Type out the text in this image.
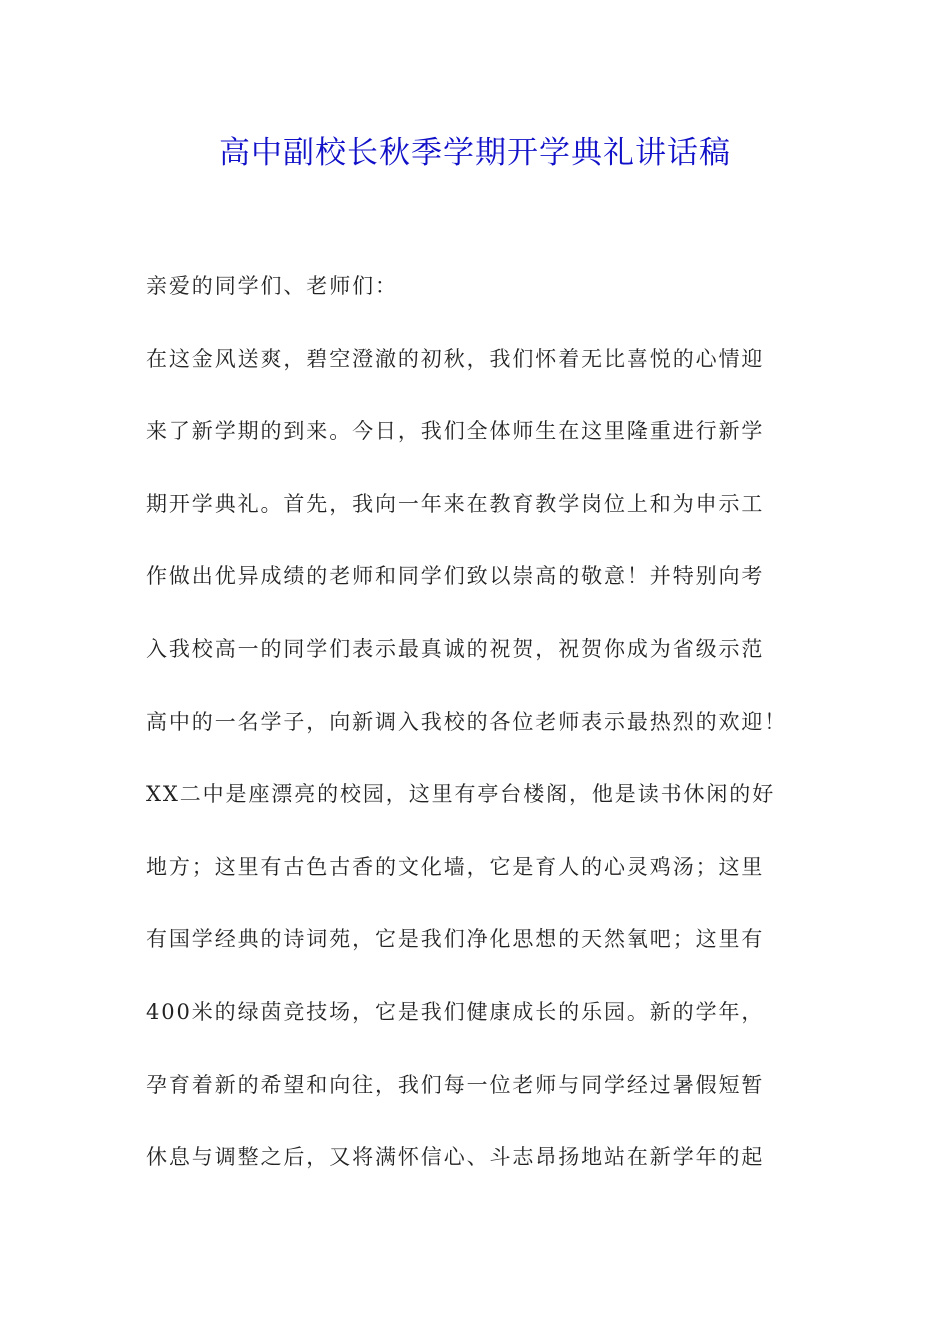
高中副校长秋季学期开学典礼讲话稿
亲爱的同学们、老师们：
在这金风送爽，碧空澄澈的初秋，我们怀着无比喜悦的心情迎
来了新学期的到来。今日，我们全体师生在这里隆重进行新学
期开学典礼。首先，我向一年来在教育教学岗位上和为申示工
作做出优异成绩的老师和同学们致以崇高的敬意！并特别向考
入我校高一的同学们表示最真诚的祝贺，祝贺你成为省级示范
高中的一名学子，向新调入我校的各位老师表示最热烈的欢迎！
XX二中是座漂亮的校园，这里有亭台楼阁，他是读书休闲的好
地方；这里有古色古香的文化墙，它是育人的心灵鸡汤；这里
有国学经典的诗词苑，它是我们净化思想的天然氧吧；这里有
400米的绿茵竞技场，它是我们健康成长的乐园。新的学年，
孕育着新的希望和向往，我们每一位老师与同学经过暑假短暂
休息与调整之后，又将满怀信心、斗志昂扬地站在新学年的起
